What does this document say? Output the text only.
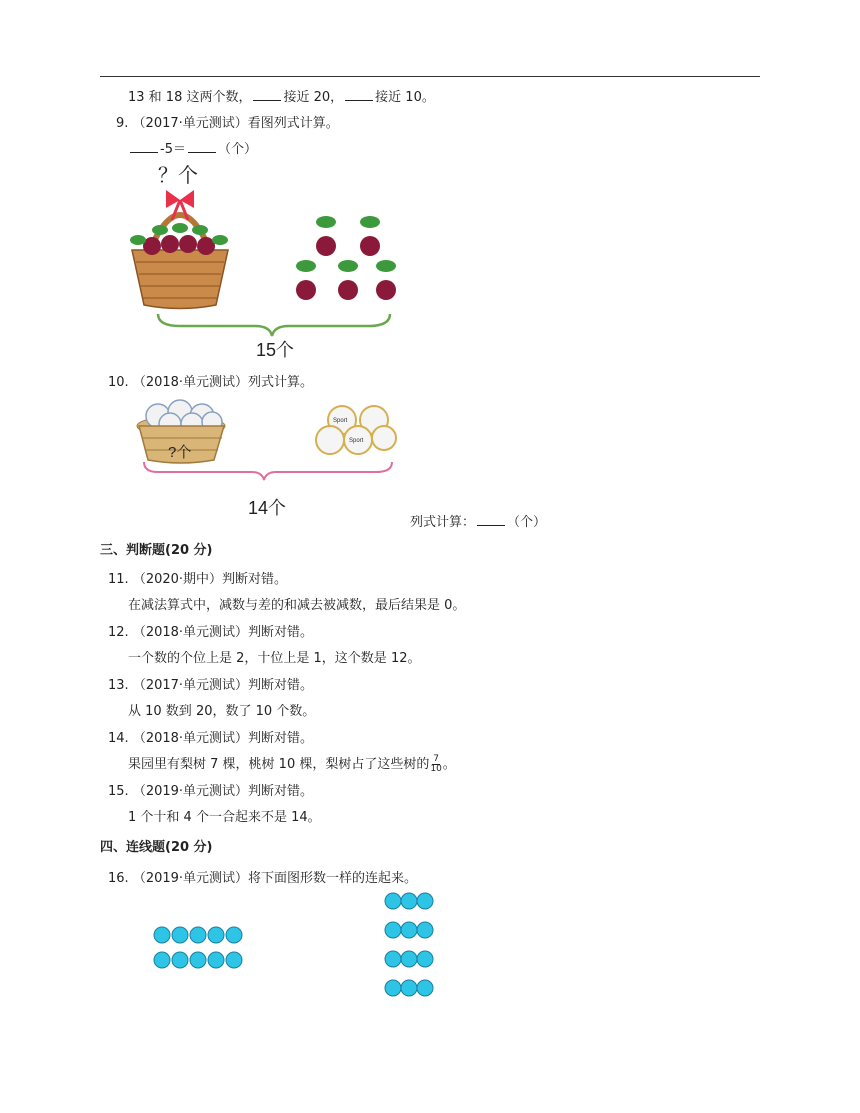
13 和 18 这两个数， 接近 20， 接近 10。
9. （2017·单元测试）看图列式计算。
-5＝ （个）
？个
15个
10. （2018·单元测试）列式计算。
?个
Sport
Sport
14个
列式计算： （个）
三、判断题(20 分)
11. （2020·期中）判断对错。
在减法算式中，减数与差的和减去被减数，最后结果是 0。
12. （2018·单元测试）判断对错。
一个数的个位上是 2，十位上是 1，这个数是 12。
13. （2017·单元测试）判断对错。
从 10 数到 20，数了 10 个数。
14. （2018·单元测试）判断对错。
果园里有梨树 7 棵，桃树 10 棵，梨树占了这些树的 $\frac{7}{10}$ 。
15. （2019·单元测试）判断对错。
1 个十和 4 个一合起来不是 14。
四、连线题(20 分)
16. （2019·单元测试）将下面图形数一样的连起来。
